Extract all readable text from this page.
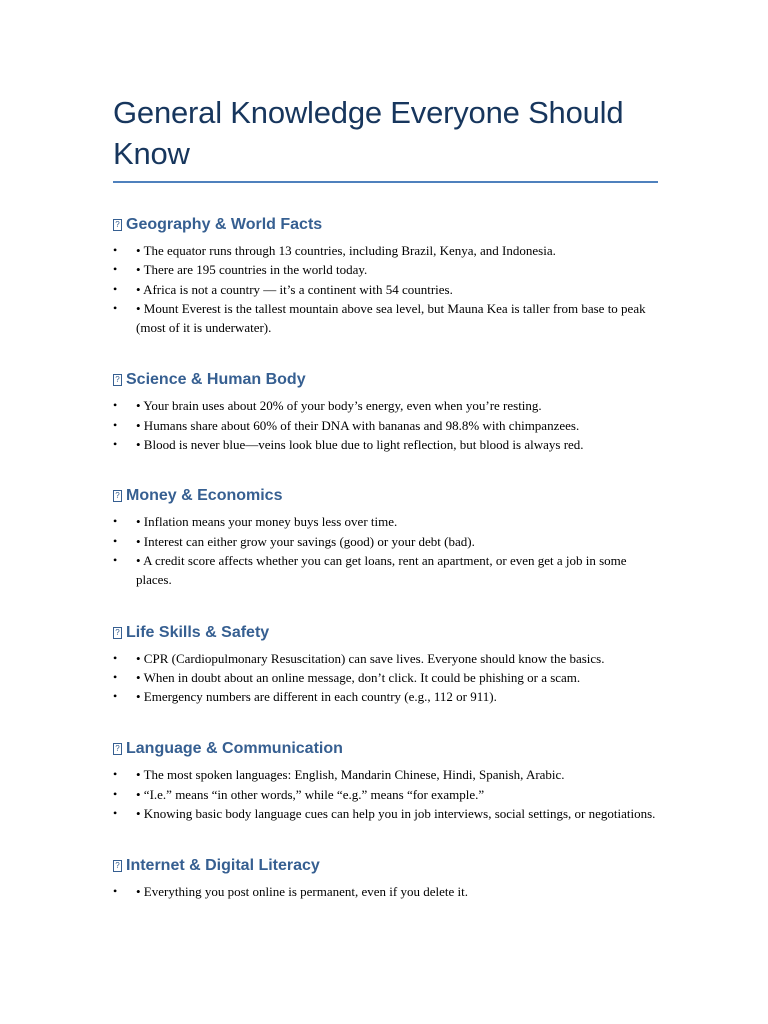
General Knowledge Everyone Should Know
? Geography & World Facts
• • The equator runs through 13 countries, including Brazil, Kenya, and Indonesia.
• • There are 195 countries in the world today.
• • Africa is not a country — it’s a continent with 54 countries.
• • Mount Everest is the tallest mountain above sea level, but Mauna Kea is taller from base to peak (most of it is underwater).
? Science & Human Body
• • Your brain uses about 20% of your body’s energy, even when you’re resting.
• • Humans share about 60% of their DNA with bananas and 98.8% with chimpanzees.
• • Blood is never blue—veins look blue due to light reflection, but blood is always red.
? Money & Economics
• • Inflation means your money buys less over time.
• • Interest can either grow your savings (good) or your debt (bad).
• • A credit score affects whether you can get loans, rent an apartment, or even get a job in some places.
? Life Skills & Safety
• • CPR (Cardiopulmonary Resuscitation) can save lives. Everyone should know the basics.
• • When in doubt about an online message, don’t click. It could be phishing or a scam.
• • Emergency numbers are different in each country (e.g., 112 or 911).
? Language & Communication
• • The most spoken languages: English, Mandarin Chinese, Hindi, Spanish, Arabic.
• • “I.e.” means “in other words,” while “e.g.” means “for example.”
• • Knowing basic body language cues can help you in job interviews, social settings, or negotiations.
? Internet & Digital Literacy
• • Everything you post online is permanent, even if you delete it.
